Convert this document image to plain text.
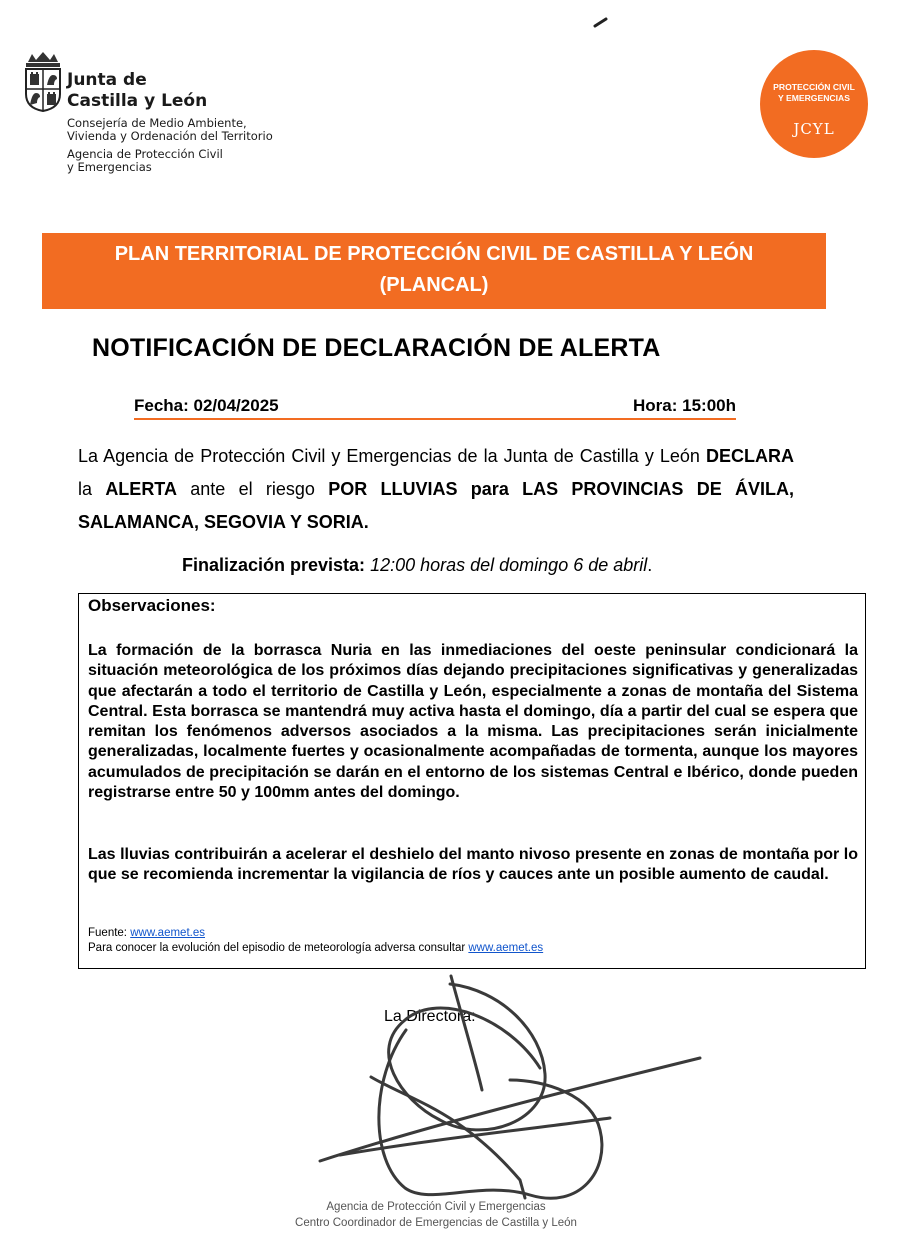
Junta de
Castilla y León
Consejería de Medio Ambiente,
Vivienda y Ordenación del Territorio
Agencia de Protección Civil
y Emergencias
PROTECCIÓN CIVIL
Y EMERGENCIAS
JCYL
PLAN TERRITORIAL DE PROTECCIÓN CIVIL DE CASTILLA Y LEÓN
(PLANCAL)
NOTIFICACIÓN DE DECLARACIÓN DE ALERTA
Fecha: 02/04/2025	Hora: 15:00h

La Agencia de Protección Civil y Emergencias de la Junta de Castilla y León DECLARA la ALERTA ante el riesgo POR LLUVIAS para LAS PROVINCIAS DE ÁVILA, SALAMANCA, SEGOVIA Y SORIA.

Finalización prevista: 12:00 horas del domingo 6 de abril.
Observaciones:

La formación de la borrasca Nuria en las inmediaciones del oeste peninsular condicionará la situación meteorológica de los próximos días dejando precipitaciones significativas y generalizadas que afectarán a todo el territorio de Castilla y León, especialmente a zonas de montaña del Sistema Central. Esta borrasca se mantendrá muy activa hasta el domingo, día a partir del cual se espera que remitan los fenómenos adversos asociados a la misma. Las precipitaciones serán inicialmente generalizadas, localmente fuertes y ocasionalmente acompañadas de tormenta, aunque los mayores acumulados de precipitación se darán en el entorno de los sistemas Central e Ibérico, donde pueden registrarse entre 50 y 100mm antes del domingo.

Las lluvias contribuirán a acelerar el deshielo del manto nivoso presente en zonas de montaña por lo que se recomienda incrementar la vigilancia de ríos y cauces ante un posible aumento de caudal.

Fuente: www.aemet.es
Para conocer la evolución del episodio de meteorología adversa consultar www.aemet.es
La Directora:
Agencia de Protección Civil y Emergencias
Centro Coordinador de Emergencias de Castilla y León
